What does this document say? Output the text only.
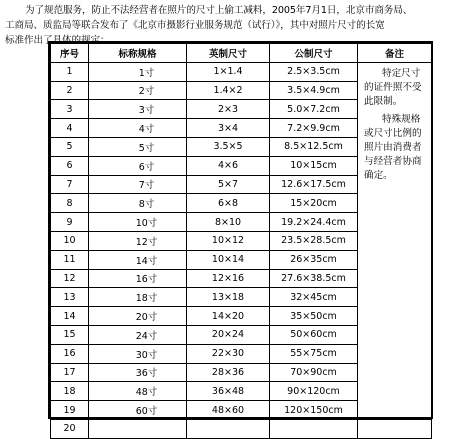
为了规范服务，防止不法经营者在照片的尺寸上偷工减料，2005年7月1日，北京市商务局、
工商局、质监局等联合发布了《北京市摄影行业服务规范（试行）》，其中对照片尺寸的长宽
标准作出了具体的规定：
序号	标称规格	英制尺寸	公制尺寸	备注
1	1寸	1×1.4	2.5×3.5cm	特定尺寸的证件照不受此限制。

特殊规格或尺寸比例的照片由消费者与经营者协商确定。

2	2寸	1.4×2	3.5×4.9cm	
3	3寸	2×3	5.0×7.2cm	
4	4寸	3×4	7.2×9.9cm	
5	5寸	3.5×5	8.5×12.5cm	
6	6寸	4×6	10×15cm	
7	7寸	5×7	12.6×17.5cm	
8	8寸	6×8	15×20cm	
9	10寸	8×10	19.2×24.4cm	
10	12寸	10×12	23.5×28.5cm	
11	14寸	10×14	26×35cm	
12	16寸	12×16	27.6×38.5cm	
13	18寸	13×18	32×45cm	
14	20寸	14×20	35×50cm	
15	24寸	20×24	50×60cm	
16	30寸	22×30	55×75cm	
17	36寸	28×36	70×90cm	
18	48寸	36×48	90×120cm	
19	60寸	48×60	120×150cm	
20				
